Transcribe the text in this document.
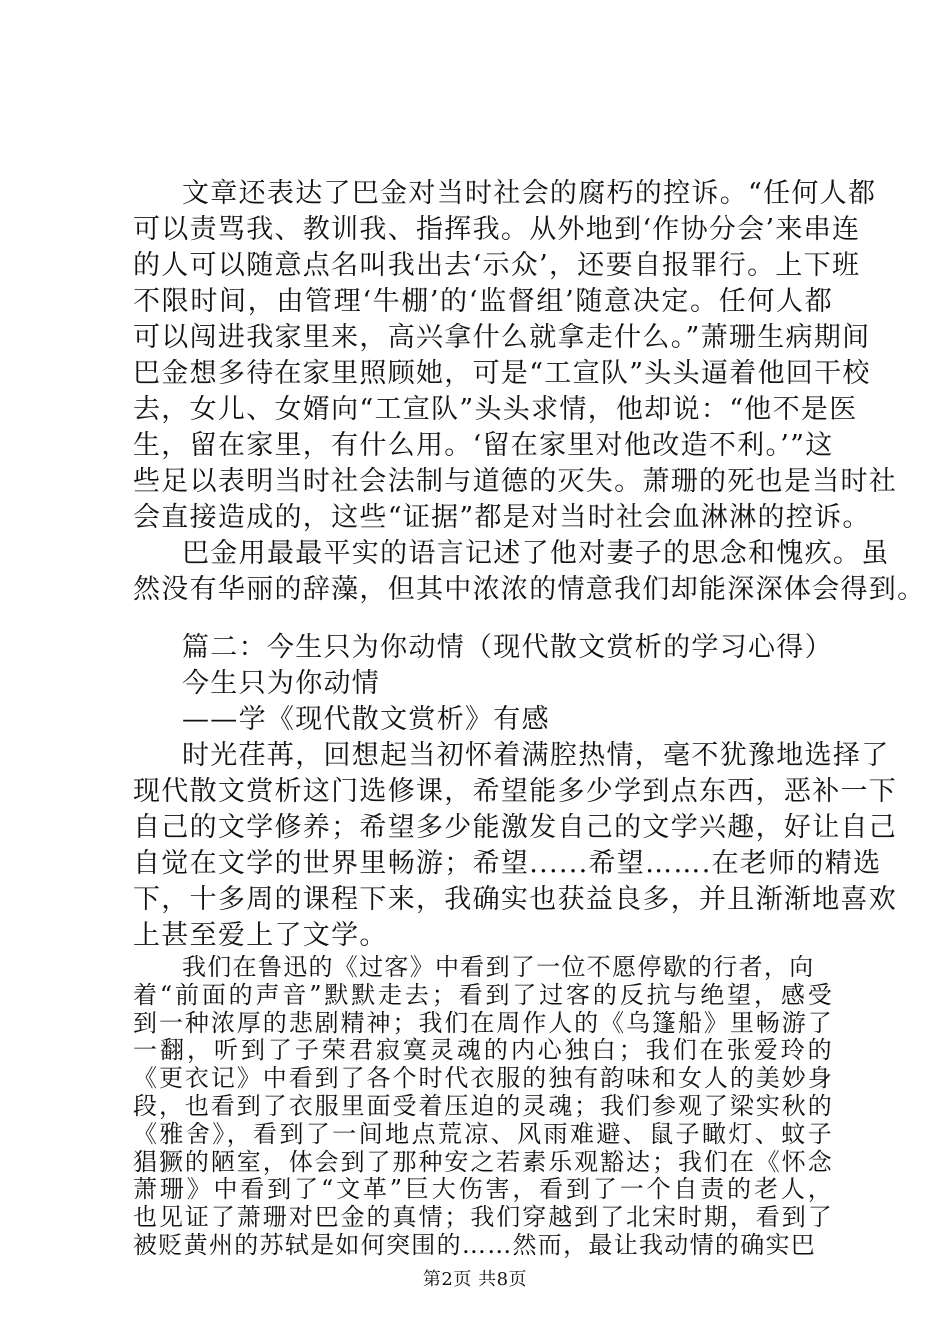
文章还表达了巴金对当时社会的腐朽的控诉。“任何人都
可以责骂我、教训我、指挥我。从外地到‘作协分会’来串连
的人可以随意点名叫我出去‘示众’，还要自报罪行。上下班
不限时间，由管理‘牛棚’的‘监督组’随意决定。任何人都
可以闯进我家里来，高兴拿什么就拿走什么。”萧珊生病期间
巴金想多待在家里照顾她，可是“工宣队”头头逼着他回干校
去，女儿、女婿向“工宣队”头头求情，他却说：“他不是医
生，留在家里，有什么用。‘留在家里对他改造不利。’”这
些足以表明当时社会法制与道德的灭失。萧珊的死也是当时社
会直接造成的，这些“证据”都是对当时社会血淋淋的控诉。
巴金用最最平实的语言记述了他对妻子的思念和愧疚。虽
然没有华丽的辞藻，但其中浓浓的情意我们却能深深体会得到。
篇二：今生只为你动情（现代散文赏析的学习心得）
今生只为你动情
——学《现代散文赏析》有感
时光荏苒，回想起当初怀着满腔热情，毫不犹豫地选择了
现代散文赏析这门选修课，希望能多少学到点东西，恶补一下
自己的文学修养；希望多少能激发自己的文学兴趣，好让自己
自觉在文学的世界里畅游；希望......希望…….在老师的精选
下，十多周的课程下来，我确实也获益良多，并且渐渐地喜欢
上甚至爱上了文学。
我们在鲁迅的《过客》中看到了一位不愿停歇的行者，向
着“前面的声音”默默走去；看到了过客的反抗与绝望，感受
到一种浓厚的悲剧精神；我们在周作人的《乌篷船》里畅游了
一翻，听到了子荣君寂寞灵魂的内心独白；我们在张爱玲的
《更衣记》中看到了各个时代衣服的独有韵味和女人的美妙身
段，也看到了衣服里面受着压迫的灵魂；我们参观了梁实秋的
《雅舍》，看到了一间地点荒凉、风雨难避、鼠子瞰灯、蚊子
猖獗的陋室，体会到了那种安之若素乐观豁达；我们在《怀念
萧珊》中看到了“文革”巨大伤害，看到了一个自责的老人，
也见证了萧珊对巴金的真情；我们穿越到了北宋时期，看到了
被贬黄州的苏轼是如何突围的……然而，最让我动情的确实巴
第2页 共8页
